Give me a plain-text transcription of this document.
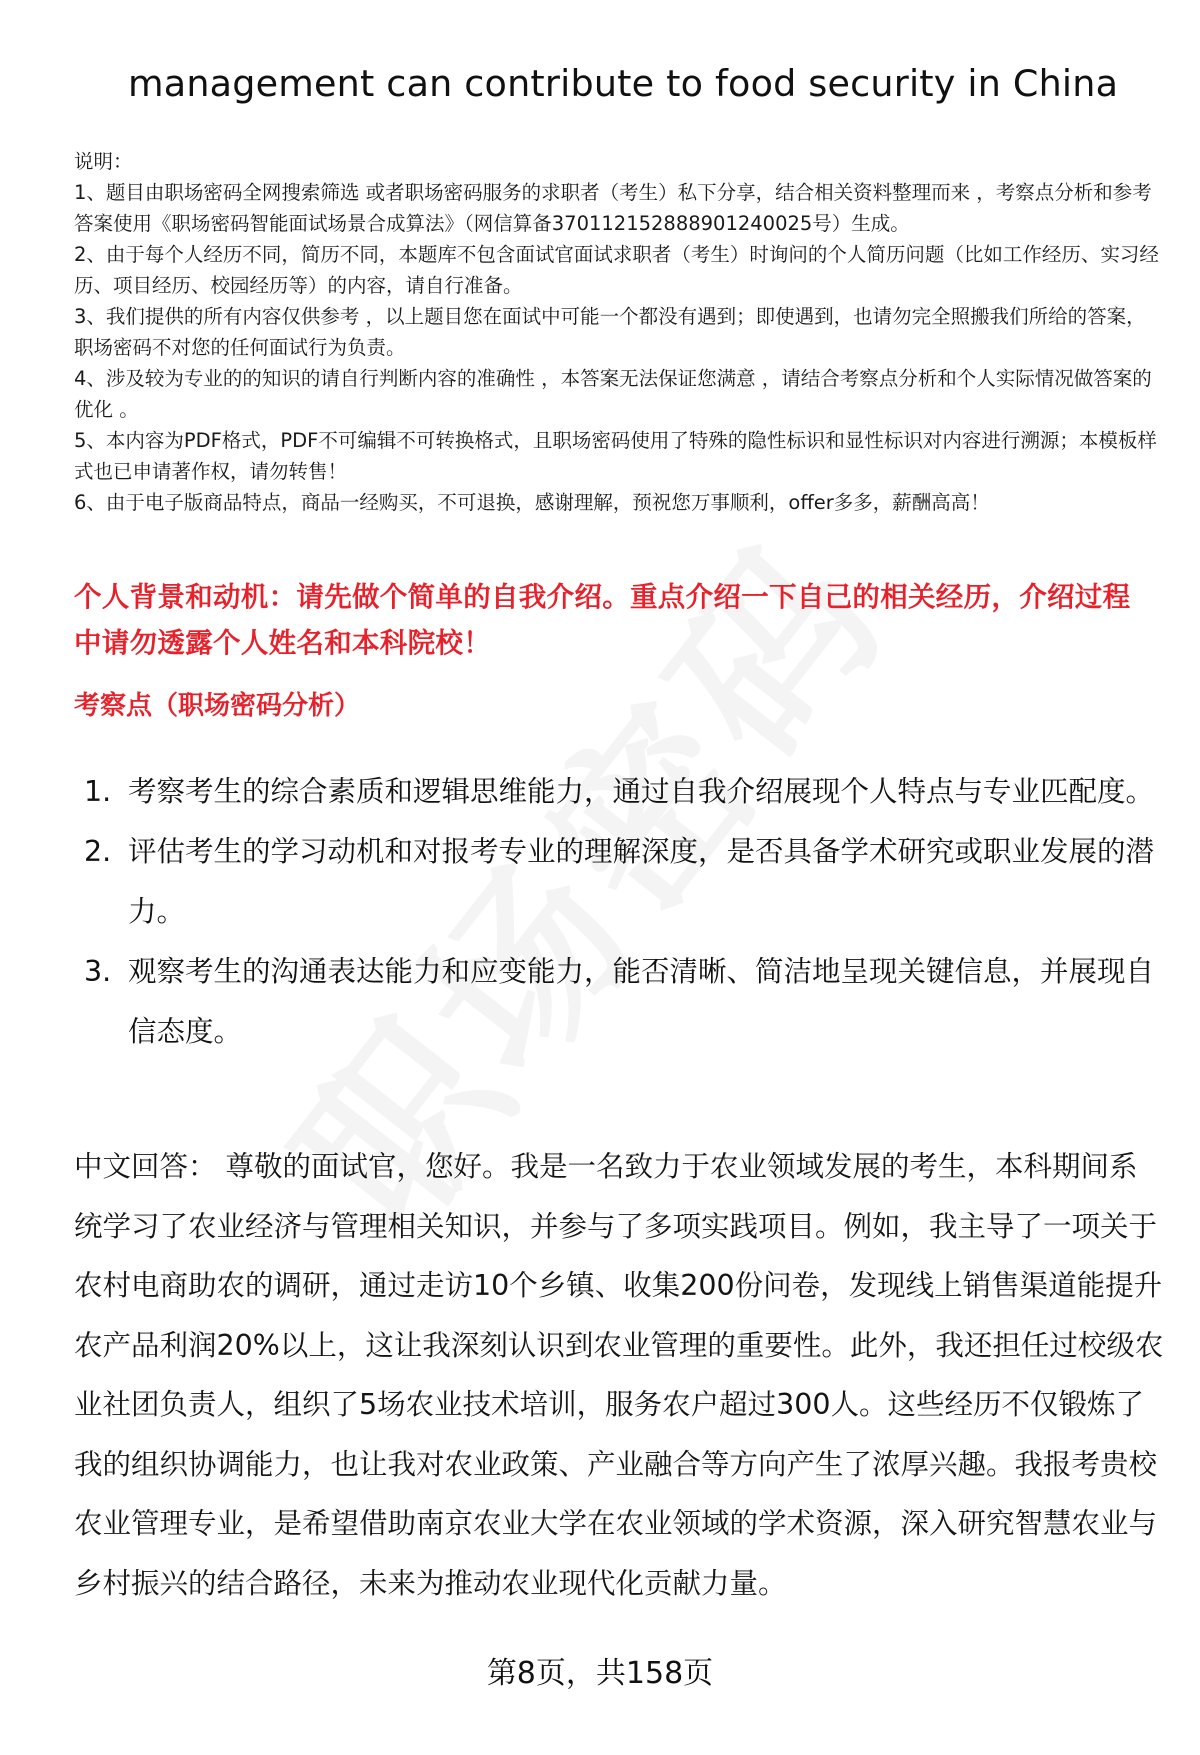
management can contribute to food security in China

说明：

1、题目由职场密码全网搜索筛选 或者职场密码服务的求职者（考生）私下分享，结合相关资料整理而来 ，考察点分析和参考答案使用《职场密码智能面试场景合成算法》（网信算备370112152888901240025号）生成。

2、由于每个人经历不同，简历不同，本题库不包含面试官面试求职者（考生）时询问的个人简历问题（比如工作经历、实习经历、项目经历、校园经历等）的内容，请自行准备。

3、我们提供的所有内容仅供参考 ，以上题目您在面试中可能一个都没有遇到；即使遇到，也请勿完全照搬我们所给的答案，职场密码不对您的任何面试行为负责。

4、涉及较为专业的的知识的请自行判断内容的准确性 ，本答案无法保证您满意 ，请结合考察点分析和个人实际情况做答案的优化 。

5、本内容为PDF格式，PDF不可编辑不可转换格式，且职场密码使用了特殊的隐性标识和显性标识对内容进行溯源；本模板样式也已申请著作权，请勿转售！

6、由于电子版商品特点，商品一经购买，不可退换，感谢理解，预祝您万事顺利，offer多多，薪酬高高！

个人背景和动机：请先做个简单的自我介绍。重点介绍一下自己的相关经历，介绍过程中请勿透露个人姓名和本科院校！
考察点（职场密码分析）
1. 考察考生的综合素质和逻辑思维能力，通过自我介绍展现个人特点与专业匹配度。
2. 评估考生的学习动机和对报考专业的理解深度，是否具备学术研究或职业发展的潜力。
3. 观察考生的沟通表达能力和应变能力，能否清晰、简洁地呈现关键信息，并展现自信态度。
中文回答： 尊敬的面试官，您好。我是一名致力于农业领域发展的考生，本科期间系统学习了农业经济与管理相关知识，并参与了多项实践项目。例如，我主导了一项关于农村电商助农的调研，通过走访10个乡镇、收集200份问卷，发现线上销售渠道能提升农产品利润20%以上，这让我深刻认识到农业管理的重要性。此外，我还担任过校级农业社团负责人，组织了5场农业技术培训，服务农户超过300人。这些经历不仅锻炼了我的组织协调能力，也让我对农业政策、产业融合等方向产生了浓厚兴趣。我报考贵校农业管理专业，是希望借助南京农业大学在农业领域的学术资源，深入研究智慧农业与乡村振兴的结合路径，未来为推动农业现代化贡献力量。
第8页，共158页
